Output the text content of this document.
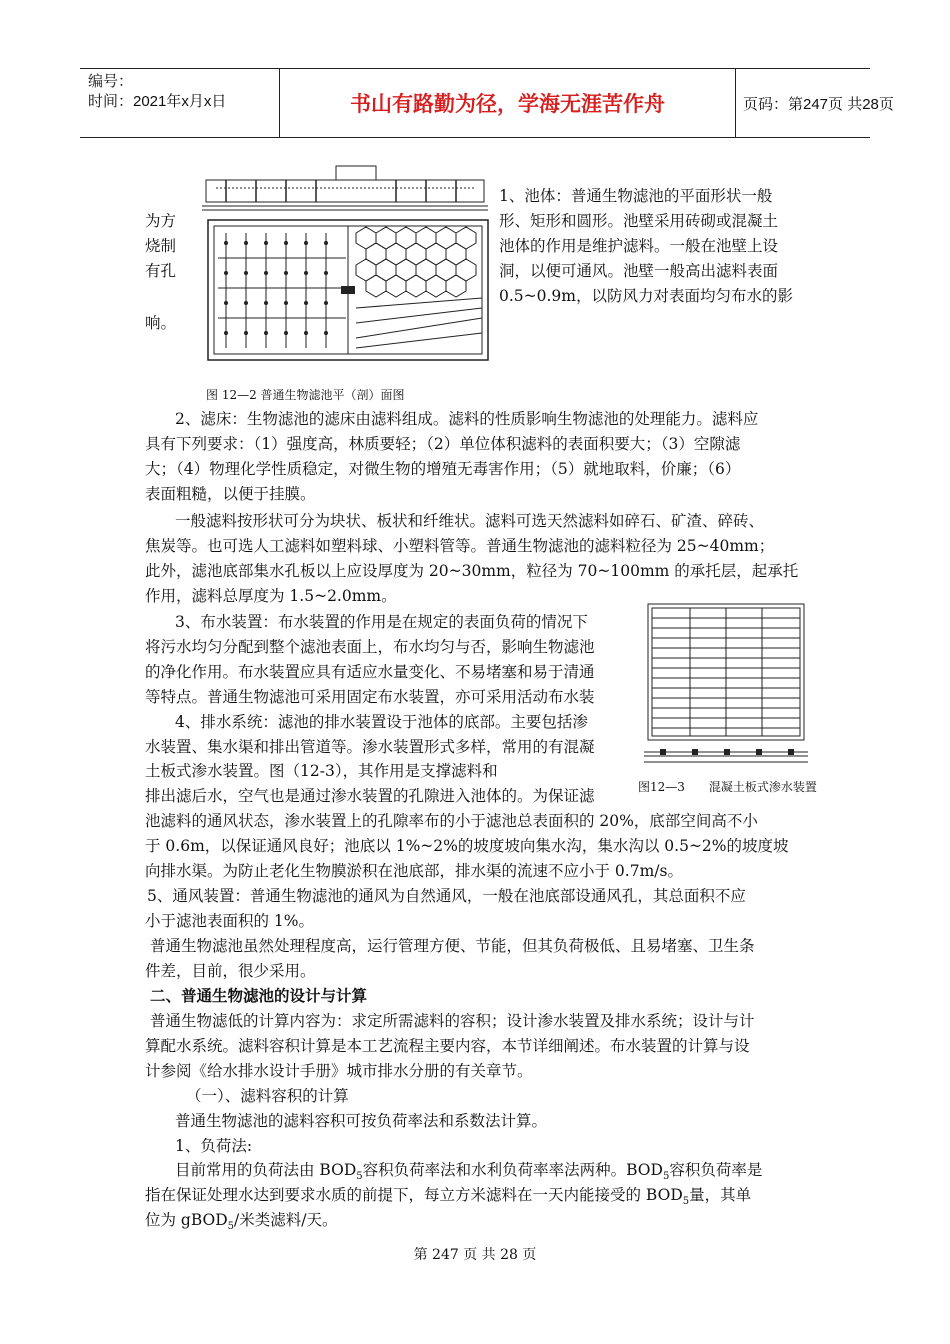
编号：
时间：2021年x月x日	书山有路勤为径，学海无涯苦作舟	页码：第247页 共28页
图 12—2 普通生物滤池平（剖）面图
1、池体：普通生物滤池的平面形状一般
为方	形、矩形和圆形。池壁采用砖砌或混凝土
烧制	池体的作用是维护滤料。一般在池壁上设
有孔	洞，以便可通风。池壁一般高出滤料表面
0.5~0.9m，以防风力对表面均匀布水的影
响。
2、滤床：生物滤池的滤床由滤料组成。滤料的性质影响生物滤池的处理能力。滤料应
具有下列要求：（1）强度高，林质要轻；（2）单位体积滤料的表面积要大；（3）空隙滤
大；（4）物理化学性质稳定，对微生物的增殖无毒害作用；（5）就地取料，价廉；（6）
表面粗糙，以便于挂膜。
一般滤料按形状可分为块状、板状和纤维状。滤料可选天然滤料如碎石、矿渣、碎砖、
焦炭等。也可选人工滤料如塑料球、小塑料管等。普通生物滤池的滤料粒径为 25~40mm；
此外，滤池底部集水孔板以上应设厚度为 20~30mm，粒径为 70~100mm 的承托层，起承托
作用，滤料总厚度为 1.5~2.0mm。
图12—3　　混凝土板式渗水装置
3、布水装置：布水装置的作用是在规定的表面负荷的情况下
将污水均匀分配到整个滤池表面上，布水均匀与否，影响生物滤池
的净化作用。布水装置应具有适应水量变化、不易堵塞和易于清通
等特点。普通生物滤池可采用固定布水装置，亦可采用活动布水装
4、排水系统：滤池的排水装置设于池体的底部。主要包括渗
水装置、集水渠和排出管道等。渗水装置形式多样，常用的有混凝
土板式渗水装置。图（12-3），其作用是支撑滤料和
排出滤后水，空气也是通过渗水装置的孔隙进入池体的。为保证滤
池滤料的通风状态，渗水装置上的孔隙率布的小于滤池总表面积的 20%，底部空间高不小
于 0.6m，以保证通风良好；池底以 1%~2%的坡度坡向集水沟，集水沟以 0.5~2%的坡度坡
向排水渠。为防止老化生物膜淤积在池底部，排水渠的流速不应小于 0.7m/s。
5、通风装置：普通生物滤池的通风为自然通风，一般在池底部设通风孔，其总面积不应
小于滤池表面积的 1%。
普通生物滤池虽然处理程度高，运行管理方便、节能，但其负荷极低、且易堵塞、卫生条
件差，目前，很少采用。
二、普通生物滤池的设计与计算
普通生物滤低的计算内容为：求定所需滤料的容积；设计渗水装置及排水系统；设计与计
算配水系统。滤料容积计算是本工艺流程主要内容，本节详细阐述。布水装置的计算与设
计参阅《给水排水设计手册》城市排水分册的有关章节。
（一）、滤料容积的计算
普通生物滤池的滤料容积可按负荷率法和系数法计算。
1、负荷法:
目前常用的负荷法由 $BOD_5$容积负荷率法和水利负荷率率法两种。$BOD_5$容积负荷率是
指在保证处理水达到要求水质的前提下，每立方米滤料在一天内能接受的 $BOD_5$量，其单
位为 gBOD$_5$/米类滤料/天。
第 247 页 共 28 页
